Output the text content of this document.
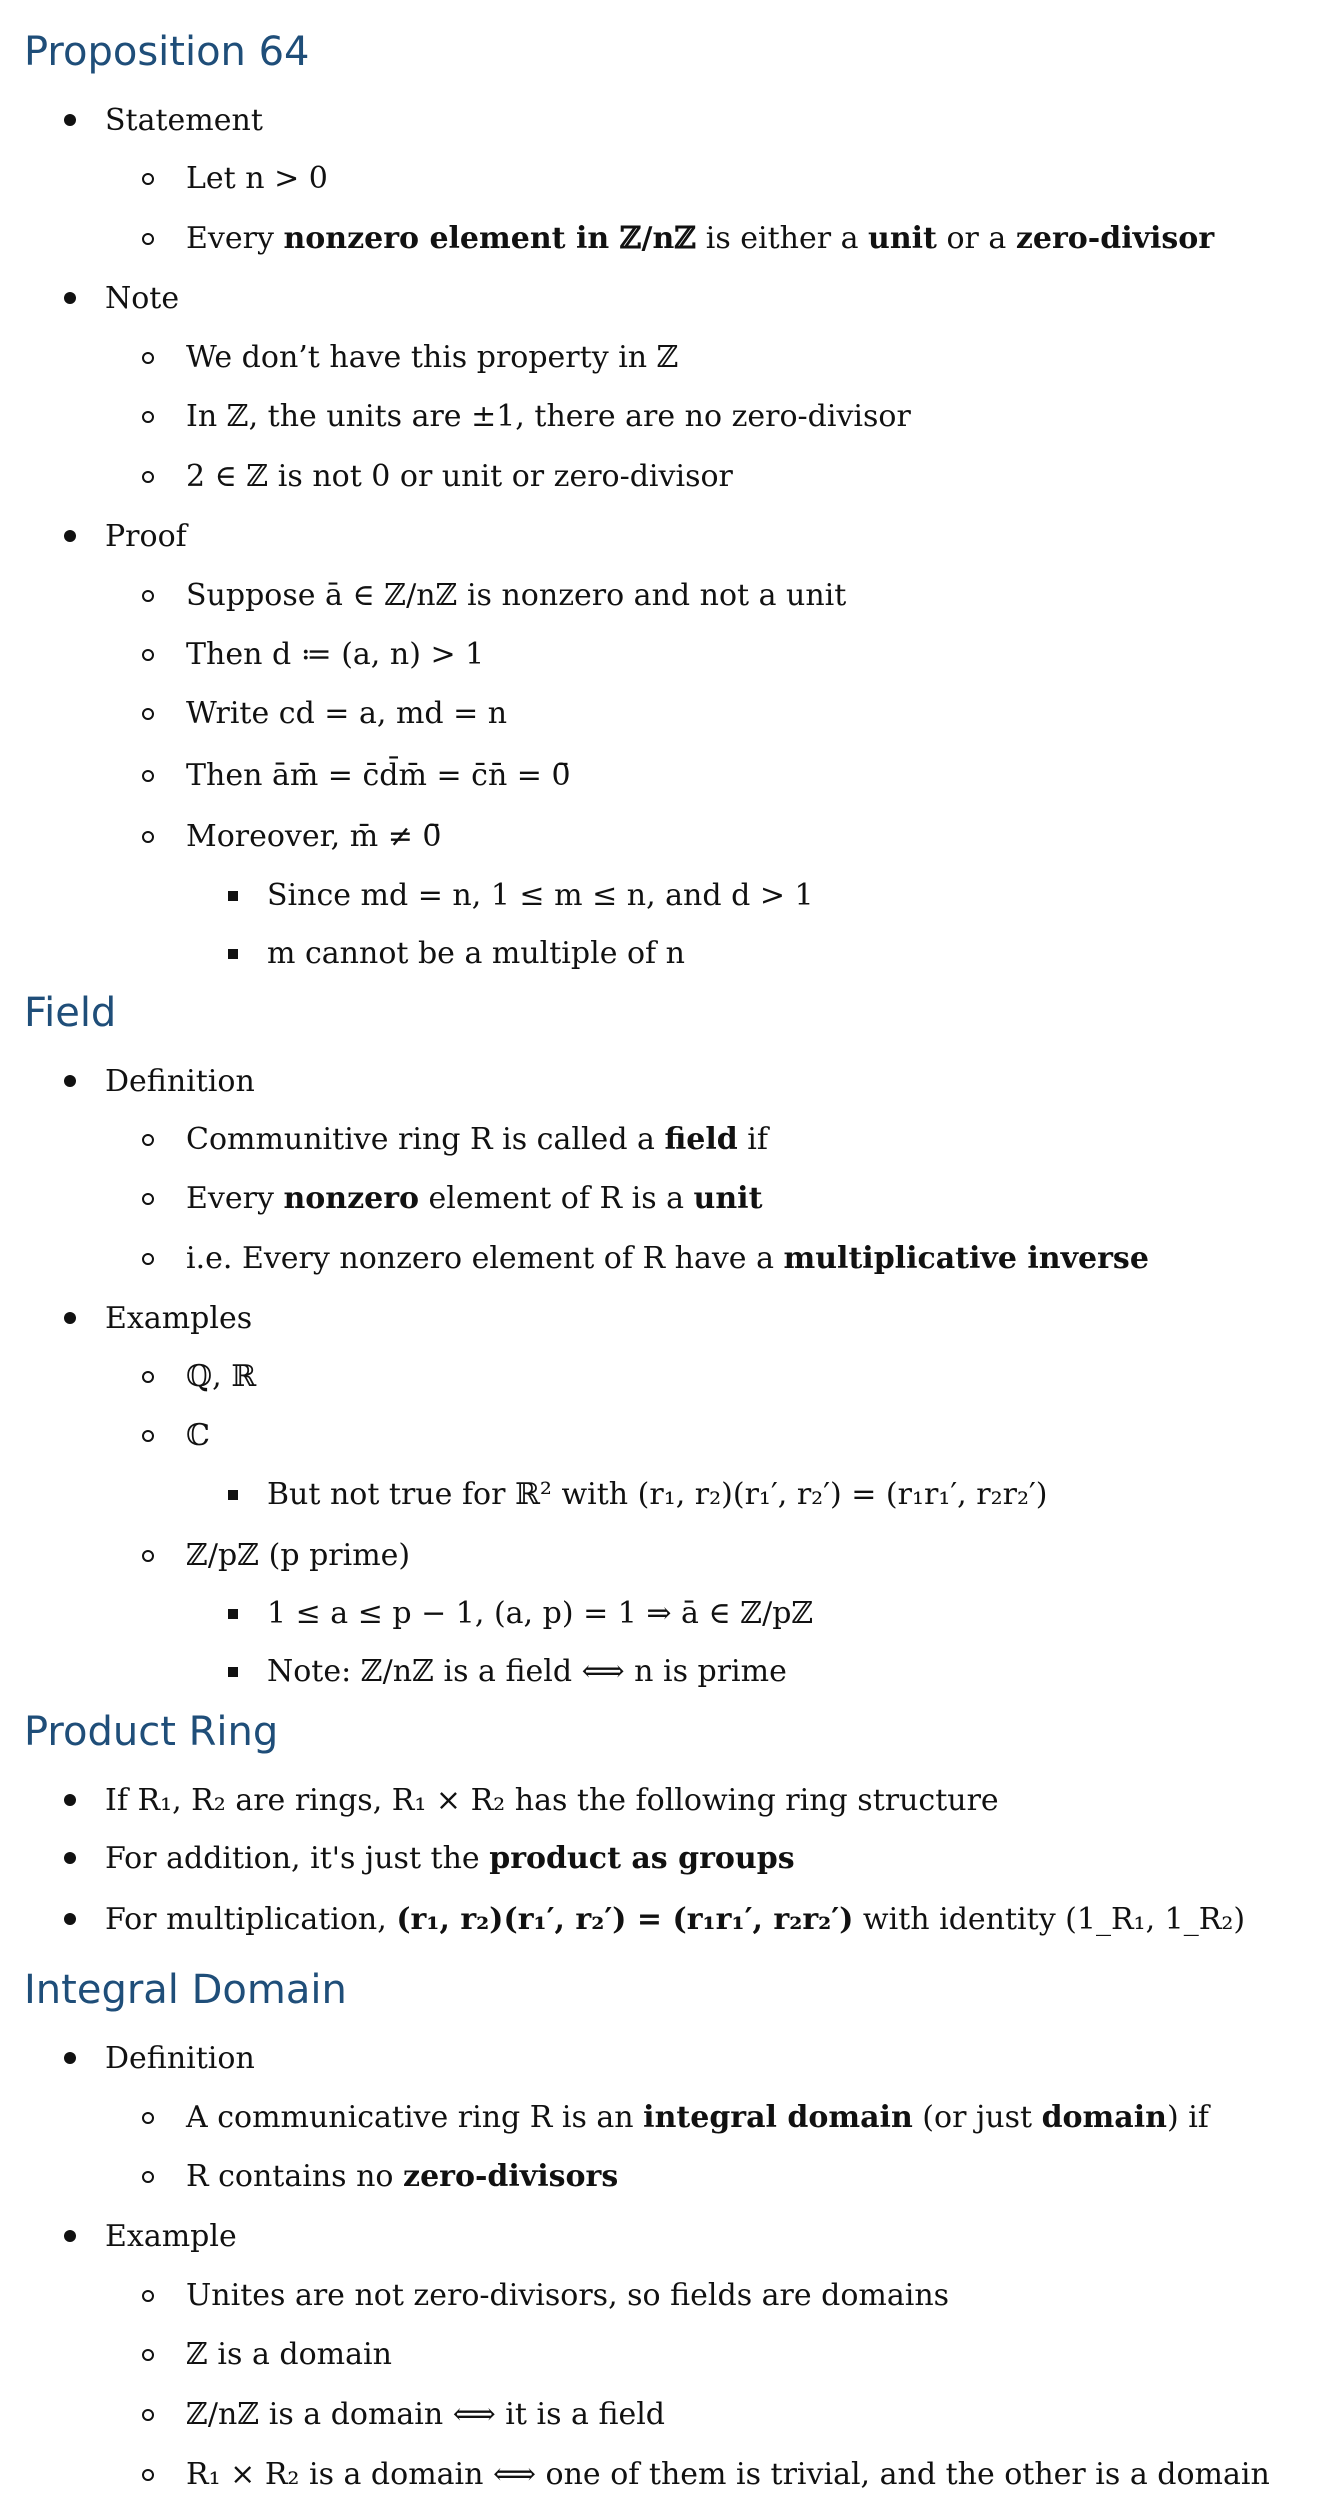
Proposition 64
Statement
Let n > 0
Every nonzero element in ℤ/nℤ is either a unit or a zero-divisor
Note
We don’t have this property in ℤ
In ℤ, the units are ±1, there are no zero-divisor
2 ∈ ℤ is not 0 or unit or zero-divisor
Proof
Suppose ā ∈ ℤ/nℤ is nonzero and not a unit
Then d ≔ (a, n) > 1
Write cd = a, md = n
Then ām̄ = c̄d̄m̄ = c̄n̄ = 0̄
Moreover, m̄ ≠ 0̄
Since md = n, 1 ≤ m ≤ n, and d > 1
m cannot be a multiple of n
Field
Definition
Communitive ring R is called a field if
Every nonzero element of R is a unit
i.e. Every nonzero element of R have a multiplicative inverse
Examples
ℚ, ℝ
ℂ
But not true for ℝ² with (r₁, r₂)(r₁′, r₂′) = (r₁r₁′, r₂r₂′)
ℤ/pℤ (p prime)
1 ≤ a ≤ p − 1, (a, p) = 1 ⇒ ā ∈ ℤ/pℤ
Note: ℤ/nℤ is a field ⟺ n is prime
Product Ring
If R₁, R₂ are rings, R₁ × R₂ has the following ring structure
For addition, it's just the product as groups
For multiplication, (r₁, r₂)(r₁′, r₂′) = (r₁r₁′, r₂r₂′) with identity (1_R₁, 1_R₂)
Integral Domain
Definition
A communicative ring R is an integral domain (or just domain) if
R contains no zero-divisors
Example
Unites are not zero-divisors, so fields are domains
ℤ is a domain
ℤ/nℤ is a domain ⟺ it is a field
R₁ × R₂ is a domain ⟺ one of them is trivial, and the other is a domain
